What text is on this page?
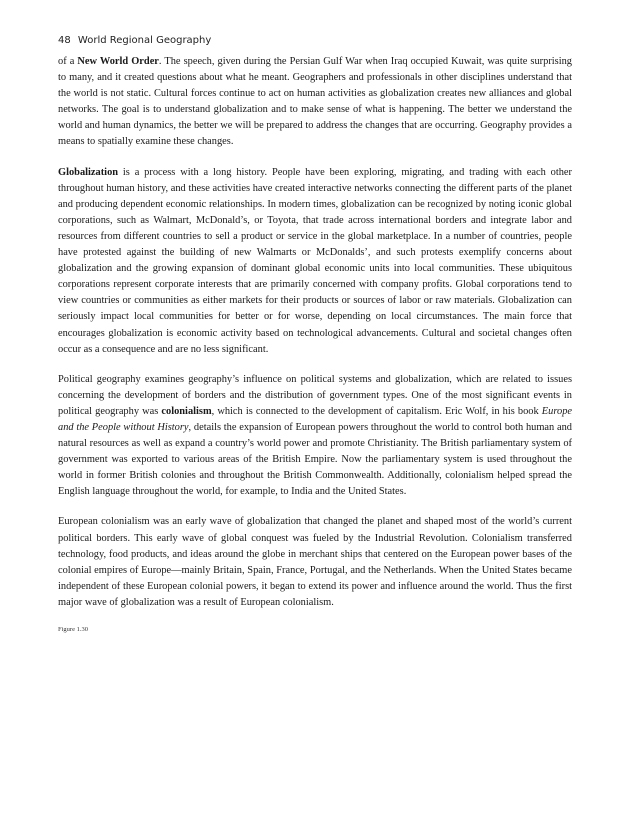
48 World Regional Geography

of a New World Order. The speech, given during the Persian Gulf War when Iraq occupied Kuwait, was quite surprising to many, and it created questions about what he meant. Geographers and professionals in other disciplines understand that the world is not static. Cultural forces continue to act on human activities as globalization creates new alliances and global networks. The goal is to understand globalization and to make sense of what is happening. The better we understand the world and human dynamics, the better we will be prepared to address the changes that are occurring. Geography provides a means to spatially examine these changes.

Globalization is a process with a long history. People have been exploring, migrating, and trading with each other throughout human history, and these activities have created interactive networks connecting the different parts of the planet and producing dependent economic relationships. In modern times, globalization can be recognized by noting iconic global corporations, such as Walmart, McDonald’s, or Toyota, that trade across international borders and integrate labor and resources from different countries to sell a product or service in the global marketplace. In a number of countries, people have protested against the building of new Walmarts or McDonalds’, and such protests exemplify concerns about globalization and the growing expansion of dominant global economic units into local communities. These ubiquitous corporations represent corporate interests that are primarily concerned with company profits. Global corporations tend to view countries or communities as either markets for their products or sources of labor or raw materials. Globalization can seriously impact local communities for better or for worse, depending on local circumstances. The main force that encourages globalization is economic activity based on technological advancements. Cultural and societal changes often occur as a consequence and are no less significant.

Political geography examines geography’s influence on political systems and globalization, which are related to issues concerning the development of borders and the distribution of government types. One of the most significant events in political geography was colonialism, which is connected to the development of capitalism. Eric Wolf, in his book Europe and the People without History, details the expansion of European powers throughout the world to control both human and natural resources as well as expand a country’s world power and promote Christianity. The British parliamentary system of government was exported to various areas of the British Empire. Now the parliamentary system is used throughout the world in former British colonies and throughout the British Commonwealth. Additionally, colonialism helped spread the English language throughout the world, for example, to India and the United States.

European colonialism was an early wave of globalization that changed the planet and shaped most of the world’s current political borders. This early wave of global conquest was fueled by the Industrial Revolution. Colonialism transferred technology, food products, and ideas around the globe in merchant ships that centered on the European power bases of the colonial empires of Europe—mainly Britain, Spain, France, Portugal, and the Netherlands. When the United States became independent of these European colonial powers, it began to extend its power and influence around the world. Thus the first major wave of globalization was a result of European colonialism.

Figure 1.30
